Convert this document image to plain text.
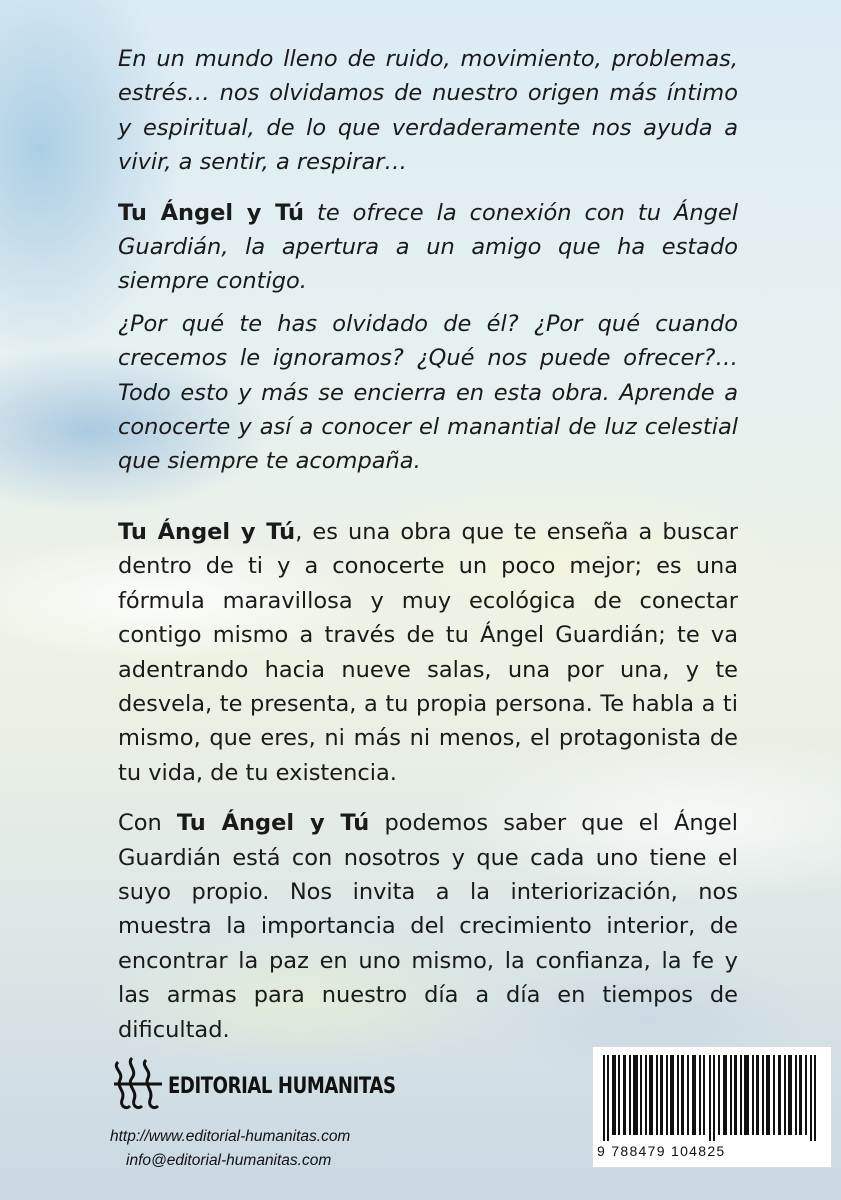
En un mundo lleno de ruido, movimiento, problemas, estrés… nos olvidamos de nuestro origen más íntimo y espiritual, de lo que verdaderamente nos ayuda a vivir, a sentir, a respirar…

Tu Ángel y Tú te ofrece la conexión con tu Ángel Guardián, la apertura a un amigo que ha estado siempre contigo.

¿Por qué te has olvidado de él? ¿Por qué cuando crecemos le ignoramos? ¿Qué nos puede ofrecer?… Todo esto y más se encierra en esta obra. Aprende a conocerte y así a conocer el manantial de luz celestial que siempre te acompaña.

Tu Ángel y Tú, es una obra que te enseña a buscar dentro de ti y a conocerte un poco mejor; es una fórmula maravillosa y muy ecológica de conectar contigo mismo a través de tu Ángel Guardián; te va adentrando hacia nueve salas, una por una, y te desvela, te presenta, a tu propia persona. Te habla a ti mismo, que eres, ni más ni menos, el protagonista de tu vida, de tu existencia.

Con Tu Ángel y Tú podemos saber que el Ángel Guardián está con nosotros y que cada uno tiene el suyo propio. Nos invita a la interiorización, nos muestra la importancia del crecimiento interior, de encontrar la paz en uno mismo, la confianza, la fe y las armas para nuestro día a día en tiempos de dificultad.

EDITORIAL HUMANITAS
http://www.editorial-humanitas.com
info@editorial-humanitas.com
9 788479 104825
